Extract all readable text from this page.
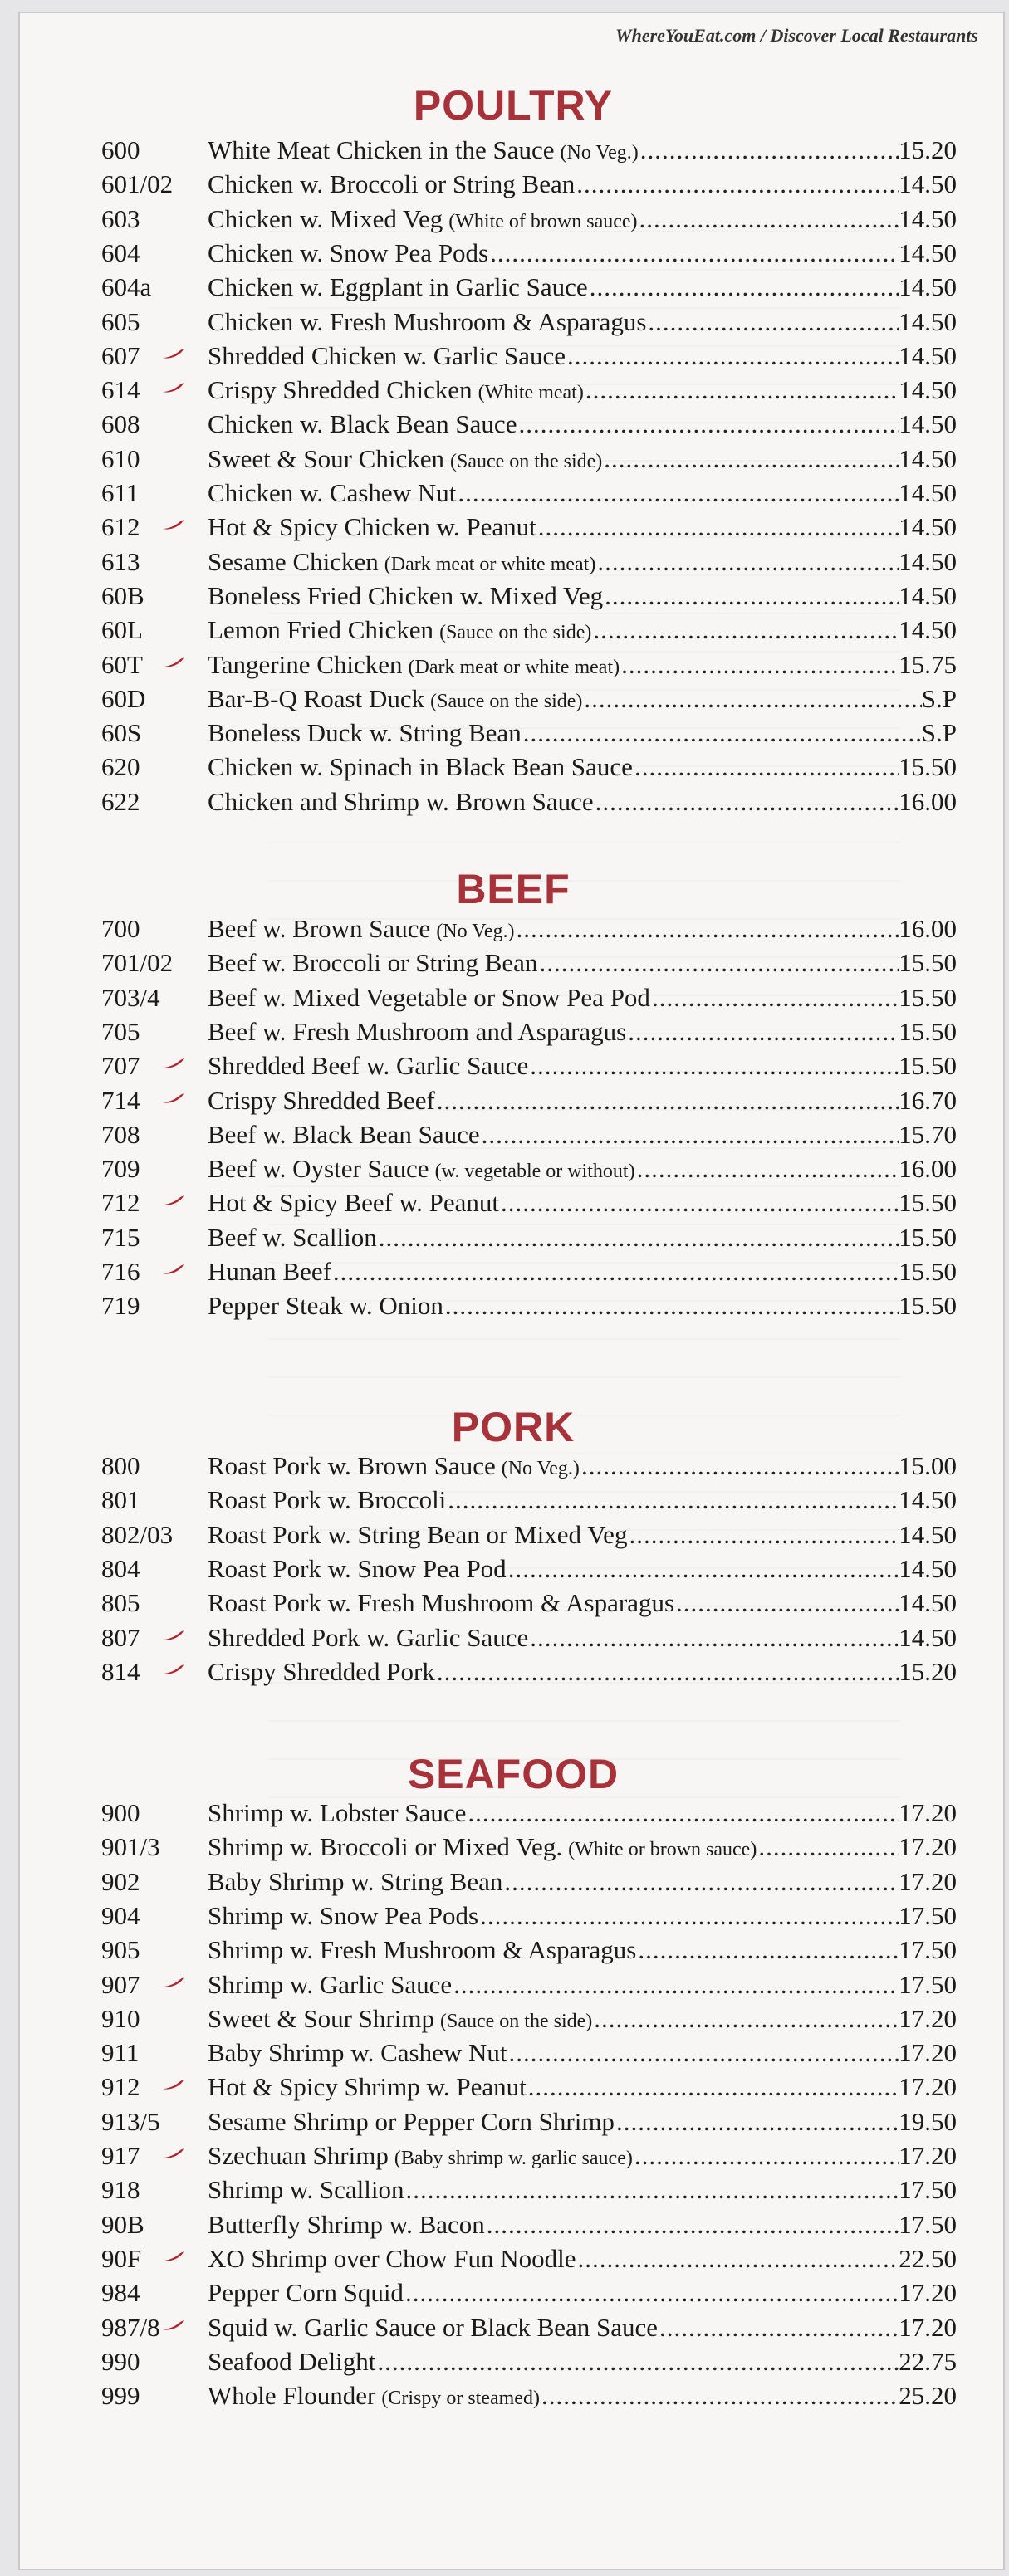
WhereYouEat.com / Discover Local Restaurants
POULTRY
600	White Meat Chicken in the Sauce (No Veg.) .....	15.20
601/02	Chicken w. Broccoli or String Bean .....	14.50
603	Chicken w. Mixed Veg (White of brown sauce) .....	14.50
604	Chicken w. Snow Pea Pods .....	14.50
604a	Chicken w. Eggplant in Garlic Sauce .....	14.50
605	Chicken w. Fresh Mushroom & Asparagus .....	14.50
607	Shredded Chicken w. Garlic Sauce .....	14.50
614	Crispy Shredded Chicken (White meat) .....	14.50
608	Chicken w. Black Bean Sauce .....	14.50
610	Sweet & Sour Chicken (Sauce on the side) .....	14.50
611	Chicken w. Cashew Nut .....	14.50
612	Hot & Spicy Chicken w. Peanut .....	14.50
613	Sesame Chicken (Dark meat or white meat) .....	14.50
60B	Boneless Fried Chicken w. Mixed Veg .....	14.50
60L	Lemon Fried Chicken (Sauce on the side) .....	14.50
60T	Tangerine Chicken (Dark meat or white meat) .....	15.75
60D	Bar-B-Q Roast Duck (Sauce on the side) .....	S.P
60S	Boneless Duck w. String Bean .....	S.P
620	Chicken w. Spinach in Black Bean Sauce .....	15.50
622	Chicken and Shrimp w. Brown Sauce .....	16.00
BEEF
700	Beef w. Brown Sauce (No Veg.) .....	16.00
701/02	Beef w. Broccoli or String Bean .....	15.50
703/4	Beef w. Mixed Vegetable or Snow Pea Pod .....	15.50
705	Beef w. Fresh Mushroom and Asparagus .....	15.50
707	Shredded Beef w. Garlic Sauce .....	15.50
714	Crispy Shredded Beef .....	16.70
708	Beef w. Black Bean Sauce .....	15.70
709	Beef w. Oyster Sauce (w. vegetable or without) .....	16.00
712	Hot & Spicy Beef w. Peanut .....	15.50
715	Beef w. Scallion .....	15.50
716	Hunan Beef .....	15.50
719	Pepper Steak w. Onion .....	15.50
PORK
800	Roast Pork w. Brown Sauce (No Veg.) .....	15.00
801	Roast Pork w. Broccoli .....	14.50
802/03	Roast Pork w. String Bean or Mixed Veg .....	14.50
804	Roast Pork w. Snow Pea Pod .....	14.50
805	Roast Pork w. Fresh Mushroom & Asparagus .....	14.50
807	Shredded Pork w. Garlic Sauce .....	14.50
814	Crispy Shredded Pork .....	15.20
SEAFOOD
900	Shrimp w. Lobster Sauce .....	17.20
901/3	Shrimp w. Broccoli or Mixed Veg. (White or brown sauce) .....	17.20
902	Baby Shrimp w. String Bean .....	17.20
904	Shrimp w. Snow Pea Pods .....	17.50
905	Shrimp w. Fresh Mushroom & Asparagus .....	17.50
907	Shrimp w. Garlic Sauce .....	17.50
910	Sweet & Sour Shrimp (Sauce on the side) .....	17.20
911	Baby Shrimp w. Cashew Nut .....	17.20
912	Hot & Spicy Shrimp w. Peanut .....	17.20
913/5	Sesame Shrimp or Pepper Corn Shrimp .....	19.50
917	Szechuan Shrimp (Baby shrimp w. garlic sauce) .....	17.20
918	Shrimp w. Scallion .....	17.50
90B	Butterfly Shrimp w. Bacon .....	17.50
90F	XO Shrimp over Chow Fun Noodle .....	22.50
984	Pepper Corn Squid .....	17.20
987/8	Squid w. Garlic Sauce or Black Bean Sauce .....	17.20
990	Seafood Delight .....	22.75
999	Whole Flounder (Crispy or steamed) .....	25.20
